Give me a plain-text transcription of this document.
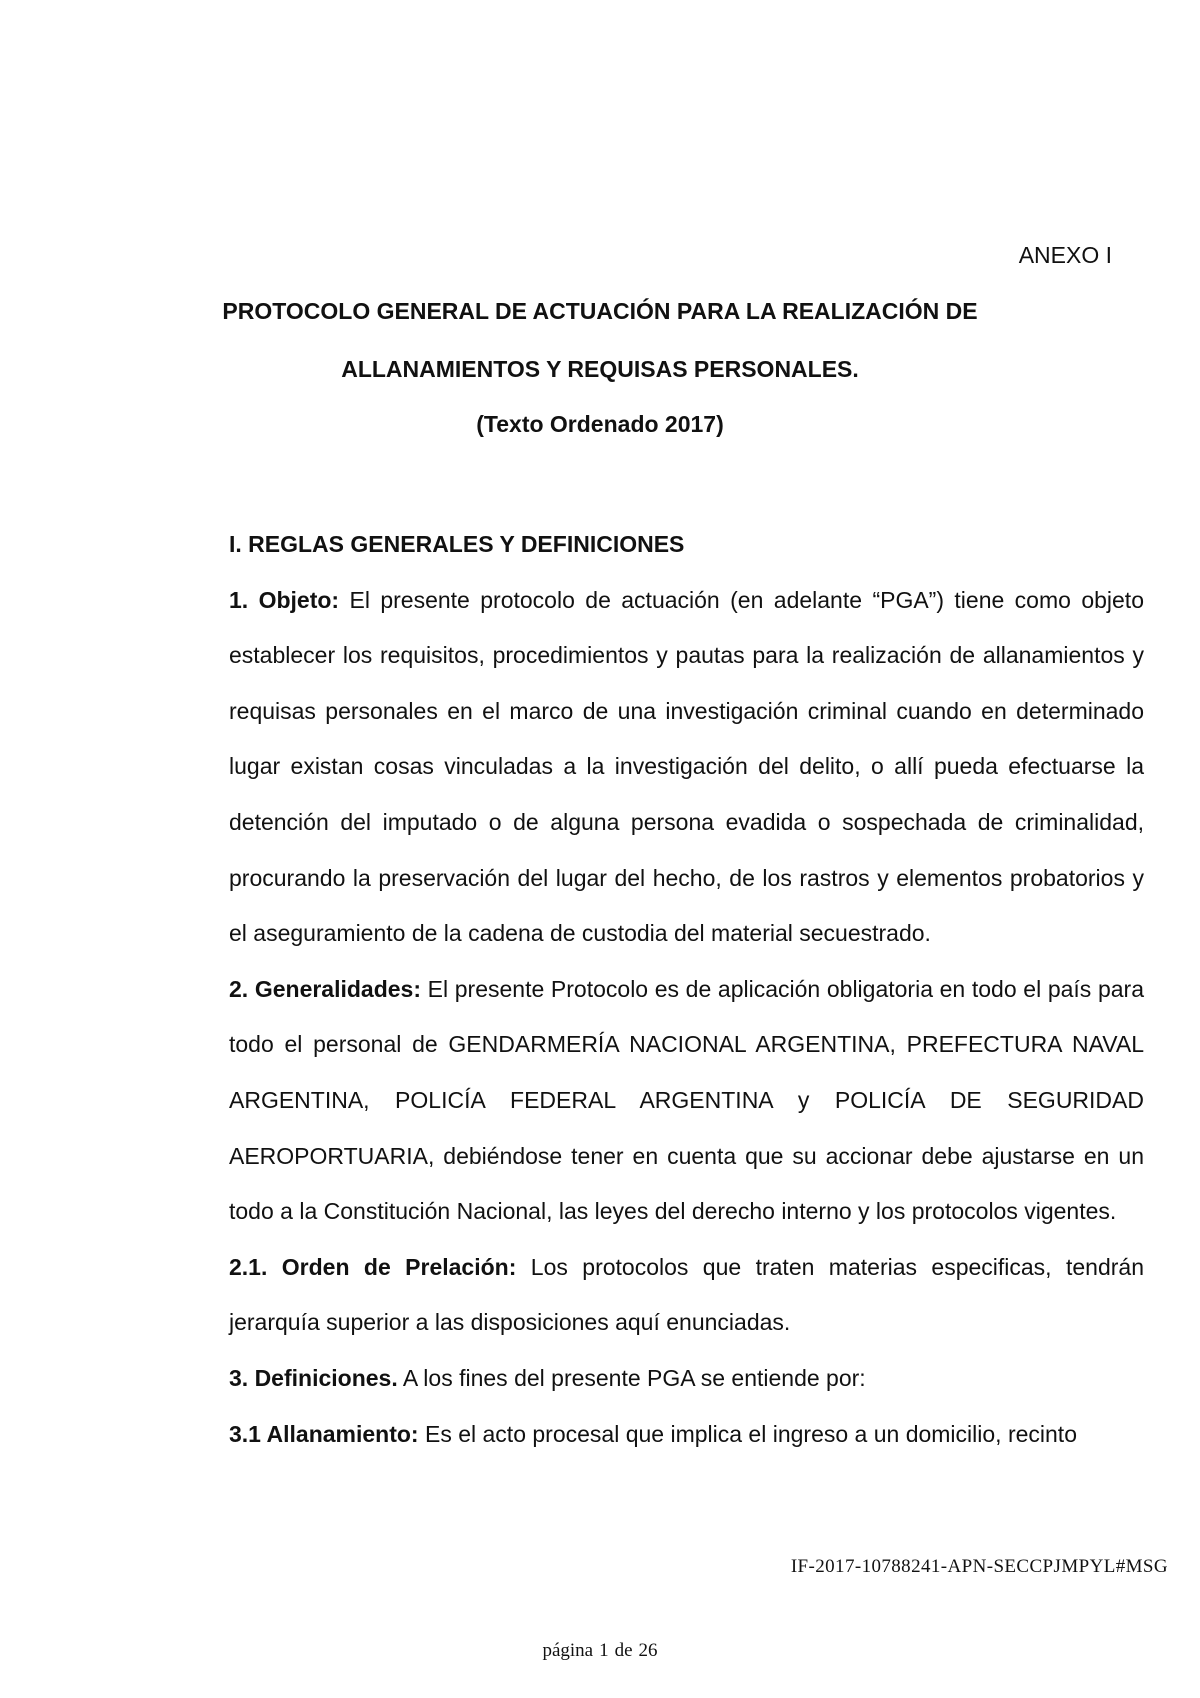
ANEXO I
PROTOCOLO GENERAL DE ACTUACIÓN PARA LA REALIZACIÓN DE
ALLANAMIENTOS Y REQUISAS PERSONALES.
(Texto Ordenado 2017)

I. REGLAS GENERALES Y DEFINICIONES

1. Objeto: El presente protocolo de actuación (en adelante “PGA”) tiene como objeto establecer los requisitos, procedimientos y pautas para la realización de allanamientos y requisas personales en el marco de una investigación criminal cuando en determinado lugar existan cosas vinculadas a la investigación del delito, o allí pueda efectuarse la detención del imputado o de alguna persona evadida o sospechada de criminalidad, procurando la preservación del lugar del hecho, de los rastros y elementos probatorios y el aseguramiento de la cadena de custodia del material secuestrado.

2. Generalidades: El presente Protocolo es de aplicación obligatoria en todo el país para todo el personal de GENDARMERÍA NACIONAL ARGENTINA, PREFECTURA NAVAL ARGENTINA, POLICÍA FEDERAL ARGENTINA y POLICÍA DE SEGURIDAD AEROPORTUARIA, debiéndose tener en cuenta que su accionar debe ajustarse en un todo a la Constitución Nacional, las leyes del derecho interno y los protocolos vigentes.

2.1. Orden de Prelación: Los protocolos que traten materias especificas, tendrán jerarquía superior a las disposiciones aquí enunciadas.

3. Definiciones. A los fines del presente PGA se entiende por:

3.1 Allanamiento: Es el acto procesal que implica el ingreso a un domicilio, recinto

IF-2017-10788241-APN-SECCPJMPYL#MSG
página 1 de 26
